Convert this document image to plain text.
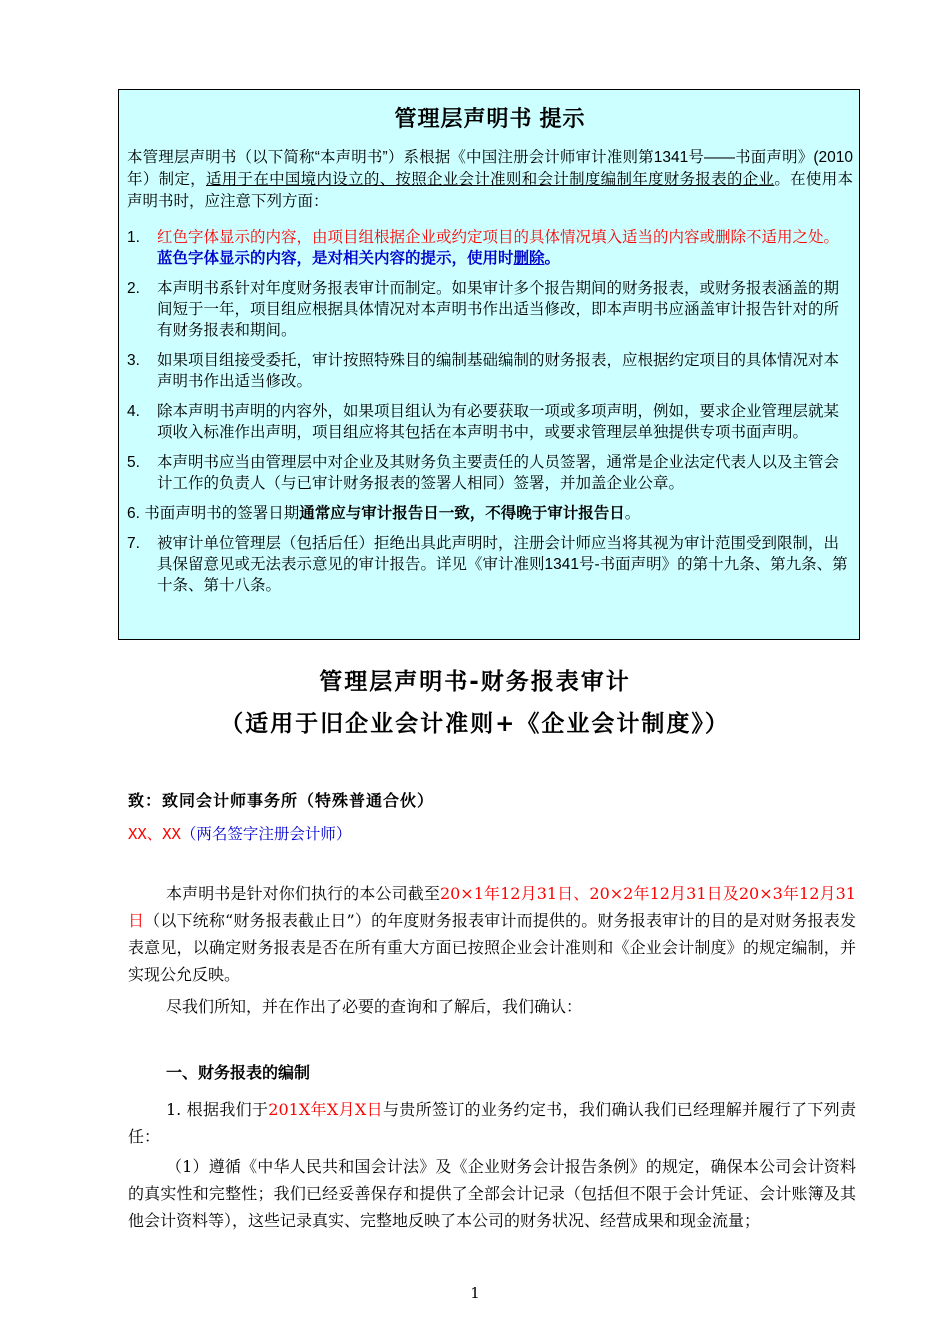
管理层声明书 提示

本管理层声明书（以下简称“本声明书”）系根据《中国注册会计师审计准则第1341号——书面声明》(2010年）制定，适用于在中国境内设立的、按照企业会计准则和会计制度编制年度财务报表的企业。在使用本声明书时，应注意下列方面：

1. 红色字体显示的内容，由项目组根据企业或约定项目的具体情况填入适当的内容或删除不适用之处。蓝色字体显示的内容，是对相关内容的提示，使用时删除。
2. 本声明书系针对年度财务报表审计而制定。如果审计多个报告期间的财务报表，或财务报表涵盖的期间短于一年，项目组应根据具体情况对本声明书作出适当修改，即本声明书应涵盖审计报告针对的所有财务报表和期间。
3. 如果项目组接受委托，审计按照特殊目的编制基础编制的财务报表，应根据约定项目的具体情况对本声明书作出适当修改。
4. 除本声明书声明的内容外，如果项目组认为有必要获取一项或多项声明，例如，要求企业管理层就某项收入标准作出声明，项目组应将其包括在本声明书中，或要求管理层单独提供专项书面声明。
5. 本声明书应当由管理层中对企业及其财务负主要责任的人员签署，通常是企业法定代表人以及主管会计工作的负责人（与已审计财务报表的签署人相同）签署，并加盖企业公章。
6. 书面声明书的签署日期通常应与审计报告日一致，不得晚于审计报告日。
7. 被审计单位管理层（包括后任）拒绝出具此声明时，注册会计师应当将其视为审计范围受到限制，出具保留意见或无法表示意见的审计报告。详见《审计准则1341号-书面声明》的第十九条、第九条、第十条、第十八条。
管理层声明书-财务报表审计
（适用于旧企业会计准则+《企业会计制度》）
致：致同会计师事务所（特殊普通合伙）
XX、XX（两名签字注册会计师）
本声明书是针对你们执行的本公司截至20×1年12月31日、20×2年12月31日及20×3年12月31日（以下统称“财务报表截止日”）的年度财务报表审计而提供的。财务报表审计的目的是对财务报表发表意见，以确定财务报表是否在所有重大方面已按照企业会计准则和《企业会计制度》的规定编制，并实现公允反映。
尽我们所知，并在作出了必要的查询和了解后，我们确认：
一、财务报表的编制
1. 根据我们于201X年X月X日与贵所签订的业务约定书，我们确认我们已经理解并履行了下列责任：
（1）遵循《中华人民共和国会计法》及《企业财务会计报告条例》的规定，确保本公司会计资料的真实性和完整性；我们已经妥善保存和提供了全部会计记录（包括但不限于会计凭证、会计账簿及其他会计资料等），这些记录真实、完整地反映了本公司的财务状况、经营成果和现金流量；
1
